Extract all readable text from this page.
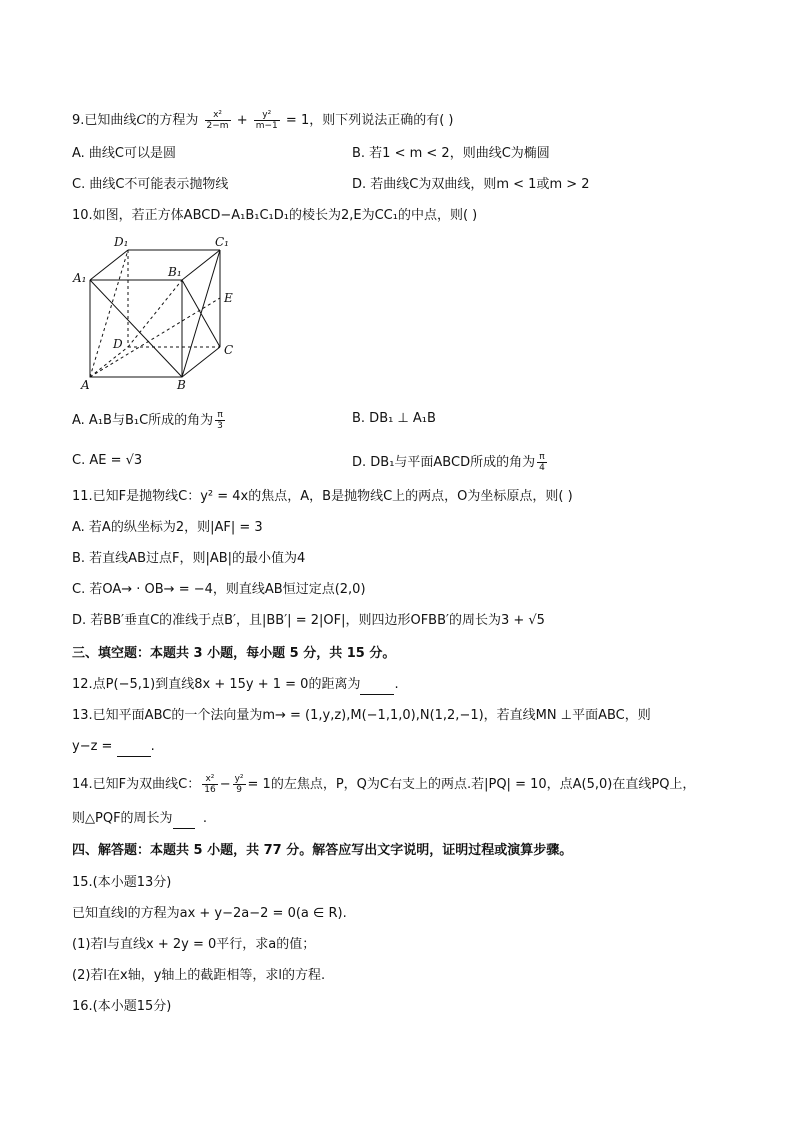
9.已知曲线C的方程为 $\frac{\text{x²}}{2-m} + \frac{\text{y²}}{m-1} = 1$，则下列说法正确的有( )
A. 曲线C可以是圆	B. 若1 < m < 2，则曲线C为椭圆
C. 曲线C不可能表示抛物线	D. 若曲线C为双曲线，则m < 1或m > 2
10.如图，若正方体ABCD−A₁B₁C₁D₁的棱长为2,E为CC₁的中点，则( )
D₁	C₁
A₁	B₁
E
D	C
A	B
A. A₁B与B₁C所成的角为 $\frac{\pi}{3}$	B. DB₁ ⊥ A₁B
C. AE = √3	D. DB₁与平面ABCD所成的角为 $\frac{\pi}{4}$
11.已知F是抛物线C：y² = 4x的焦点，A，B是抛物线C上的两点，O为坐标原点，则( )
A. 若A的纵坐标为2，则|AF| = 3
B. 若直线AB过点F，则|AB|的最小值为4
C. 若OA→ · OB→ = −4，则直线AB恒过定点(2,0)
D. 若BB′垂直C的准线于点B′，且|BB′| = 2|OF|，则四边形OFBB′的周长为3 + √5
三、填空题：本题共 3 小题，每小题 5 分，共 15 分。
12.点P(−5,1)到直线8x + 15y + 1 = 0的距离为	.
13.已知平面ABC的一个法向量为m→ = (1,y,z),M(−1,1,0),N(1,2,−1)，若直线MN ⊥平面ABC，则
y−z =	.
14.已知F为双曲线C： $\frac{\text{x²}}{16} - \frac{\text{y²}}{9} = 1$的左焦点，P，Q为C右支上的两点.若|PQ| = 10，点A(5,0)在直线PQ上，
则△PQF的周长为 .
四、解答题：本题共 5 小题，共 77 分。解答应写出文字说明，证明过程或演算步骤。
15.(本小题13分)
已知直线l的方程为ax + y−2a−2 = 0(a ∈ R).
(1)若l与直线x + 2y = 0平行，求a的值；
(2)若l在x轴，y轴上的截距相等，求l的方程.
16.(本小题15分)
